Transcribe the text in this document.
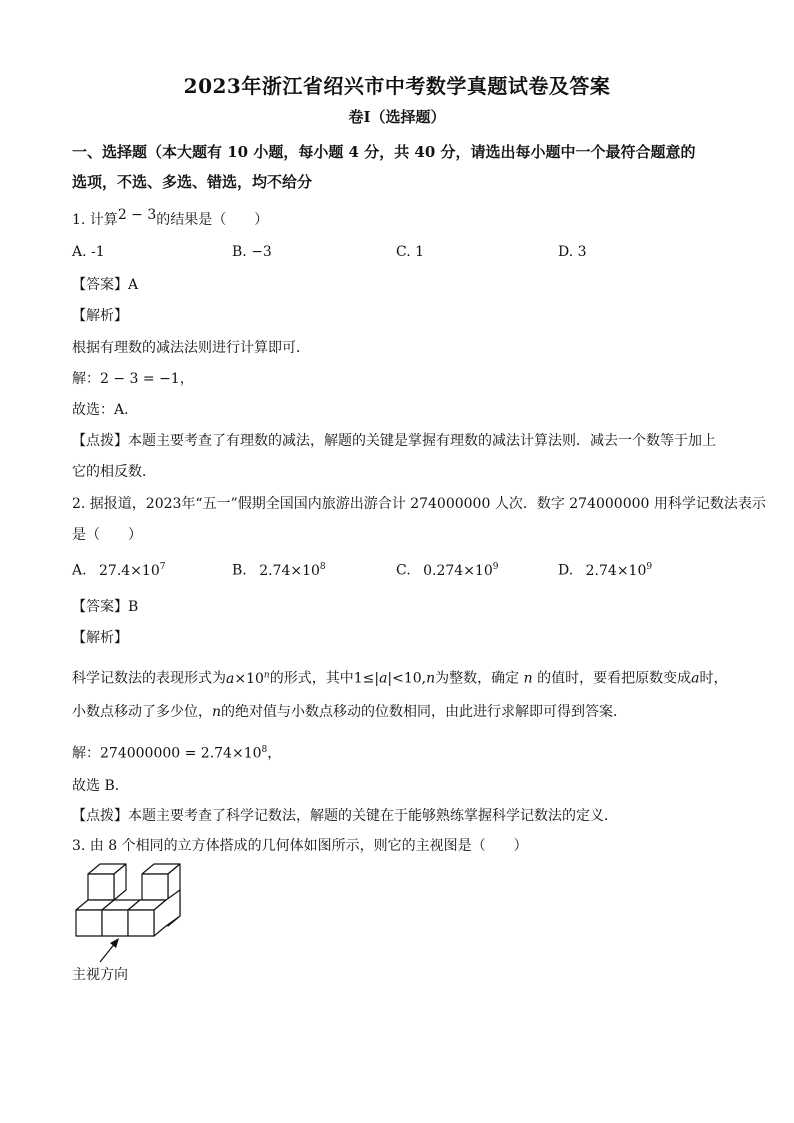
2023年浙江省绍兴市中考数学真题试卷及答案
卷Ⅰ（选择题）
一、选择题（本大题有 10 小题，每小题 4 分，共 40 分，请选出每小题中一个最符合题意的
选项，不选、多选、错选，均不给分
1. 计算2 − 3的结果是（　　）
A. -1	B. −3	C. 1	D. 3
【答案】A
【解析】
根据有理数的减法法则进行计算即可．
解：2 − 3 = −1，
故选：A．
【点拨】本题主要考查了有理数的减法，解题的关键是掌握有理数的减法计算法则．减去一个数等于加上
它的相反数．
2. 据报道，2023年“五一”假期全国国内旅游出游合计 274000000 人次．数字 274000000 用科学记数法表示
是（　　）
A. $27.4\times 10^7$	B. $2.74\times 10^8$	C. $0.274\times 10^9$	D. $2.74\times 10^9$
【答案】B
【解析】
科学记数法的表现形式为$a\times 10^n$的形式，其中1≤|a|<10,n为整数，确定 n 的值时，要看把原数变成a时，
小数点移动了多少位，n的绝对值与小数点移动的位数相同，由此进行求解即可得到答案．
解：$274000000 = 2.74\times 10^8$，
故选 B．
【点拨】本题主要考查了科学记数法，解题的关键在于能够熟练掌握科学记数法的定义．
3. 由 8 个相同的立方体搭成的几何体如图所示，则它的主视图是（　　）
主视方向
